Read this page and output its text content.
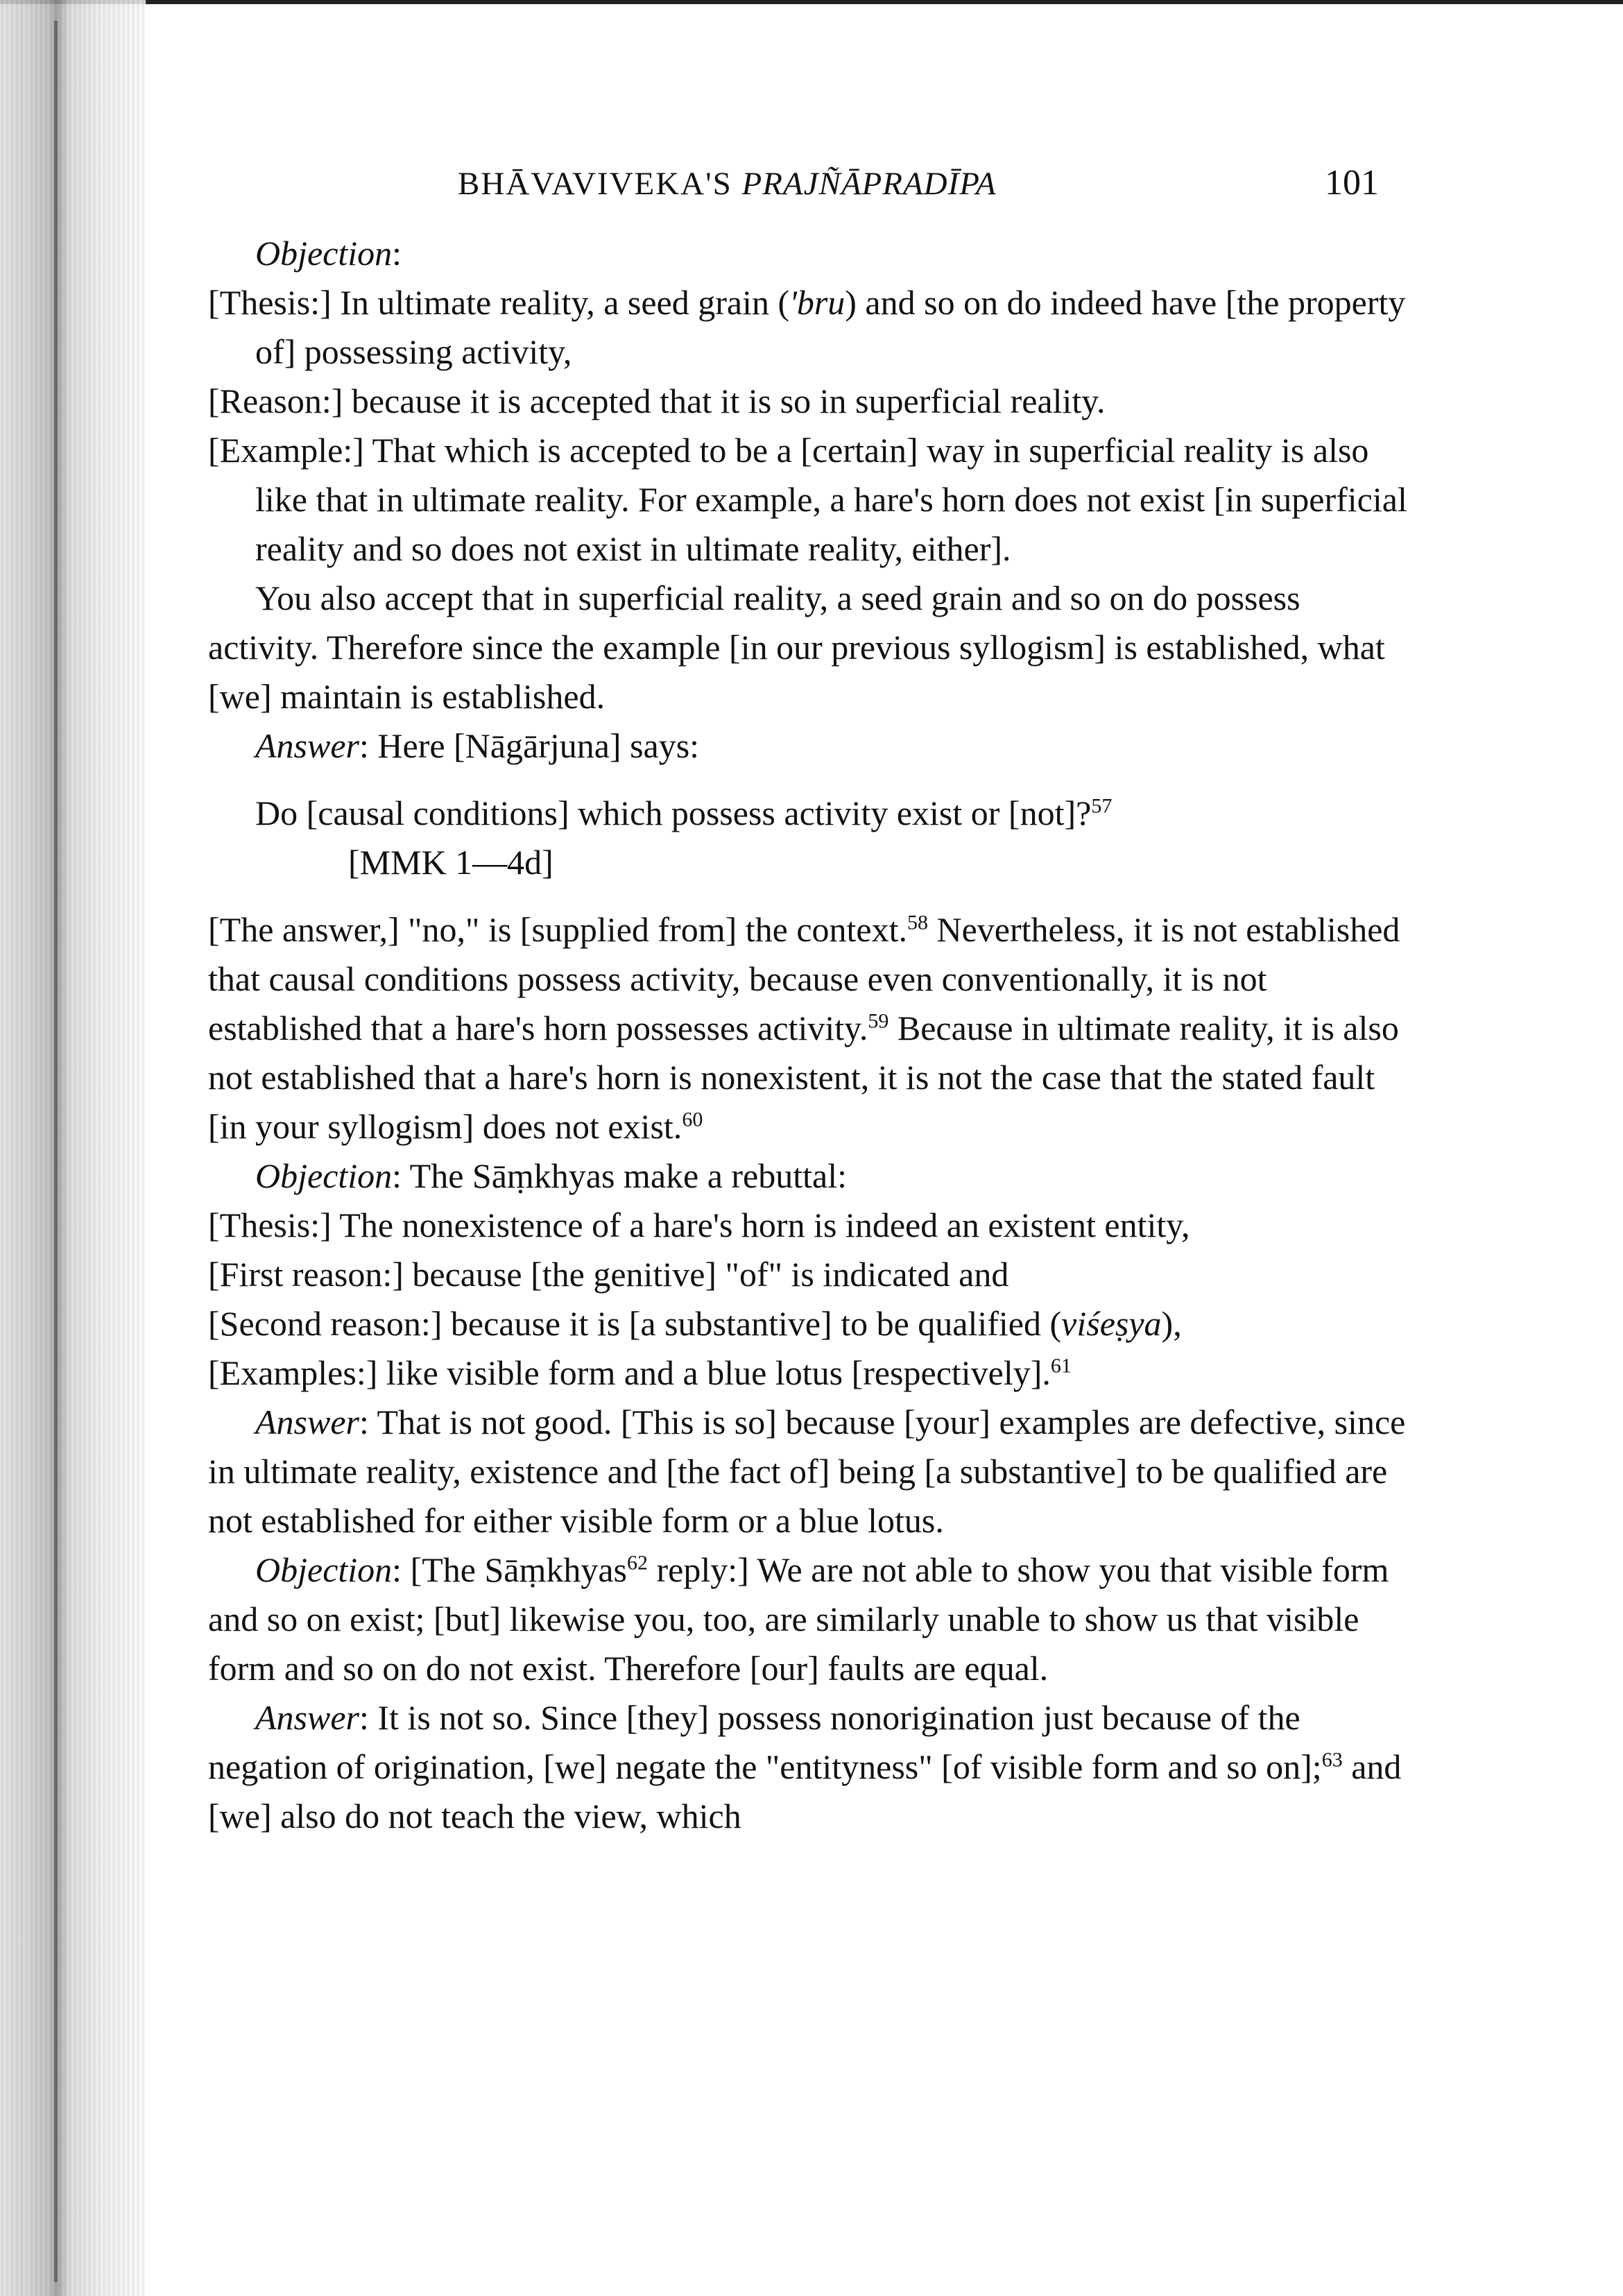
BHĀVAVIVEKA'S PRAJÑĀPRADĪPA	101

Objection:

[Thesis:] In ultimate reality, a seed grain ('bru) and so on do indeed have [the property of] possessing activity,

[Reason:] because it is accepted that it is so in superficial reality.

[Example:] That which is accepted to be a [certain] way in superficial reality is also like that in ultimate reality. For example, a hare's horn does not exist [in superficial reality and so does not exist in ultimate reality, either].

You also accept that in superficial reality, a seed grain and so on do possess activity. Therefore since the example [in our previous syllogism] is established, what [we] maintain is established.

Answer: Here [Nāgārjuna] says:

Do [causal conditions] which possess activity exist or [not]?$^{57}$
[MMK 1—4d]

[The answer,] "no," is [supplied from] the context.$^{58}$ Nevertheless, it is not established that causal conditions possess activity, because even conventionally, it is not established that a hare's horn possesses activity.$^{59}$ Because in ultimate reality, it is also not established that a hare's horn is nonexistent, it is not the case that the stated fault [in your syllogism] does not exist.$^{60}$

Objection: The Sāṃkhyas make a rebuttal:

[Thesis:] The nonexistence of a hare's horn is indeed an existent entity,

[First reason:] because [the genitive] "of" is indicated and

[Second reason:] because it is [a substantive] to be qualified (viśeṣya),

[Examples:] like visible form and a blue lotus [respectively].$^{61}$

Answer: That is not good. [This is so] because [your] examples are defective, since in ultimate reality, existence and [the fact of] being [a substantive] to be qualified are not established for either visible form or a blue lotus.

Objection: [The Sāṃkhyas$^{62}$ reply:] We are not able to show you that visible form and so on exist; [but] likewise you, too, are similarly unable to show us that visible form and so on do not exist. Therefore [our] faults are equal.

Answer: It is not so. Since [they] possess nonorigination just because of the negation of origination, [we] negate the "entityness" [of visible form and so on];$^{63}$ and [we] also do not teach the view, which
